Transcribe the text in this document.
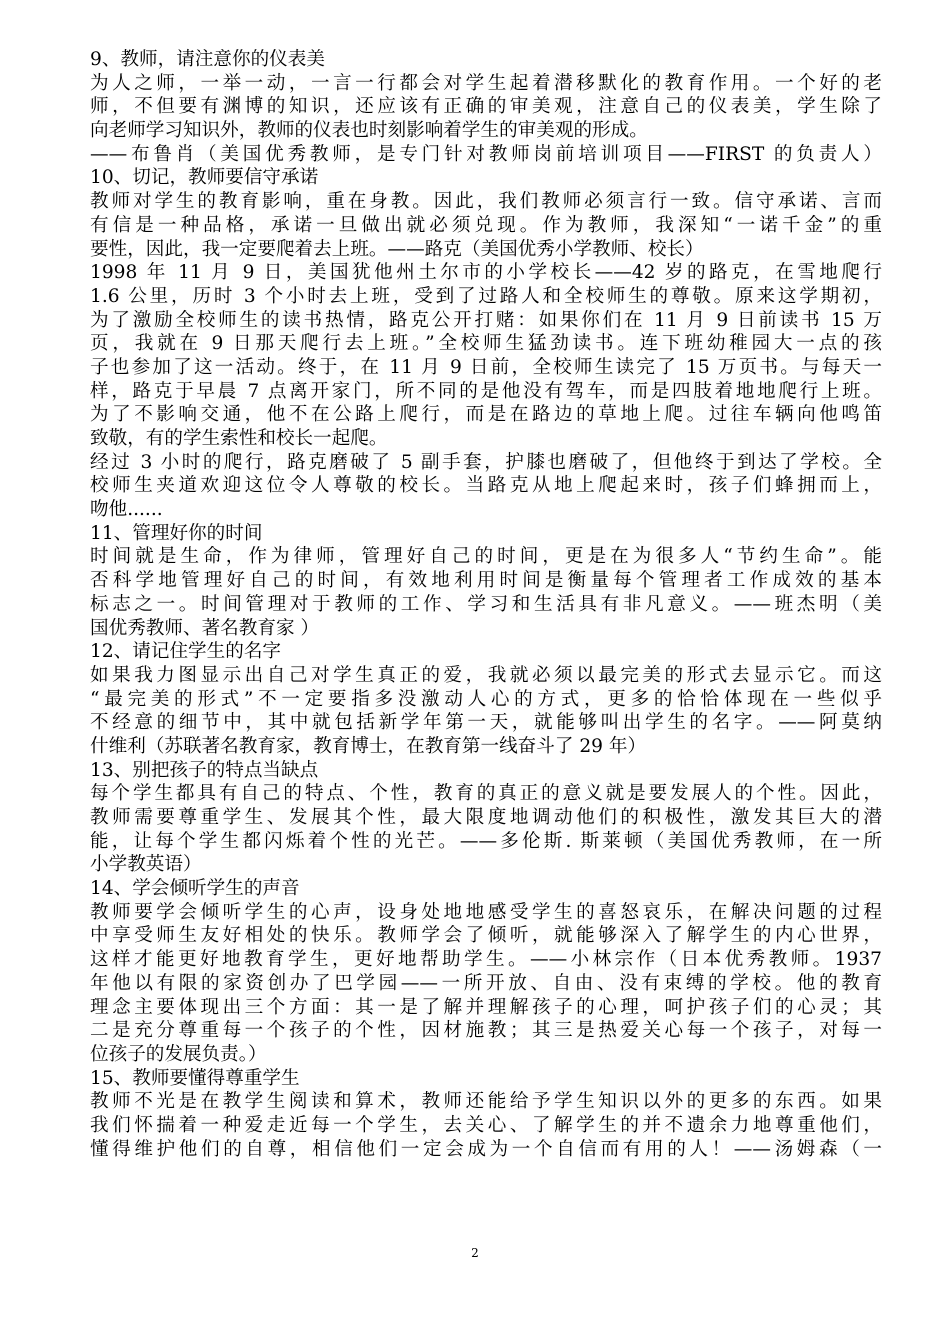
9、教师，请注意你的仪表美
为人之师，一举一动，一言一行都会对学生起着潜移默化的教育作用。一个好的老
师，不但要有渊博的知识，还应该有正确的审美观，注意自己的仪表美，学生除了
向老师学习知识外，教师的仪表也时刻影响着学生的审美观的形成。
——布鲁肖（美国优秀教师，是专门针对教师岗前培训项目——FIRST 的负责人）
10、切记，教师要信守承诺
教师对学生的教育影响，重在身教。因此，我们教师必须言行一致。信守承诺、言而
有信是一种品格，承诺一旦做出就必须兑现。作为教师，我深知“一诺千金”的重
要性，因此，我一定要爬着去上班。——路克（美国优秀小学教师、校长）
1998 年 11 月 9 日，美国犹他州土尔市的小学校长——42 岁的路克，在雪地爬行
1.6 公里，历时 3 个小时去上班，受到了过路人和全校师生的尊敬。原来这学期初，
为了激励全校师生的读书热情，路克公开打赌：如果你们在 11 月 9 日前读书 15 万
页，我就在 9 日那天爬行去上班。”全校师生猛劲读书。连下班幼稚园大一点的孩
子也参加了这一活动。终于，在 11 月 9 日前，全校师生读完了 15 万页书。与每天一
样，路克于早晨 7 点离开家门，所不同的是他没有驾车，而是四肢着地地爬行上班。
为了不影响交通，他不在公路上爬行，而是在路边的草地上爬。过往车辆向他鸣笛
致敬，有的学生索性和校长一起爬。
经过 3 小时的爬行，路克磨破了 5 副手套，护膝也磨破了，但他终于到达了学校。全
校师生夹道欢迎这位令人尊敬的校长。当路克从地上爬起来时，孩子们蜂拥而上，
吻他......
11、管理好你的时间
时间就是生命，作为律师，管理好自己的时间，更是在为很多人“节约生命”。能
否科学地管理好自己的时间，有效地利用时间是衡量每个管理者工作成效的基本
标志之一。时间管理对于教师的工作、学习和生活具有非凡意义。——班杰明（美
国优秀教师、著名教育家 ）
12、请记住学生的名字
如果我力图显示出自己对学生真正的爱，我就必须以最完美的形式去显示它。而这
“最完美的形式”不一定要指多没激动人心的方式，更多的恰恰体现在一些似乎
不经意的细节中，其中就包括新学年第一天，就能够叫出学生的名字。——阿莫纳
什维利（苏联著名教育家，教育博士，在教育第一线奋斗了 29 年）
13、别把孩子的特点当缺点
每个学生都具有自己的特点、个性，教育的真正的意义就是要发展人的个性。因此，
教师需要尊重学生、发展其个性，最大限度地调动他们的积极性，激发其巨大的潜
能，让每个学生都闪烁着个性的光芒。——多伦斯. 斯莱顿（美国优秀教师，在一所
小学教英语）
14、学会倾听学生的声音
教师要学会倾听学生的心声，设身处地地感受学生的喜怒哀乐，在解决问题的过程
中享受师生友好相处的快乐。教师学会了倾听，就能够深入了解学生的内心世界，
这样才能更好地教育学生，更好地帮助学生。——小林宗作（日本优秀教师。1937
年他以有限的家资创办了巴学园——一所开放、自由、没有束缚的学校。他的教育
理念主要体现出三个方面：其一是了解并理解孩子的心理，呵护孩子们的心灵；其
二是充分尊重每一个孩子的个性，因材施教；其三是热爱关心每一个孩子，对每一
位孩子的发展负责。）
15、教师要懂得尊重学生
教师不光是在教学生阅读和算术，教师还能给予学生知识以外的更多的东西。如果
我们怀揣着一种爱走近每一个学生，去关心、了解学生的并不遗余力地尊重他们，
懂得维护他们的自尊，相信他们一定会成为一个自信而有用的人！——汤姆森（一
2
